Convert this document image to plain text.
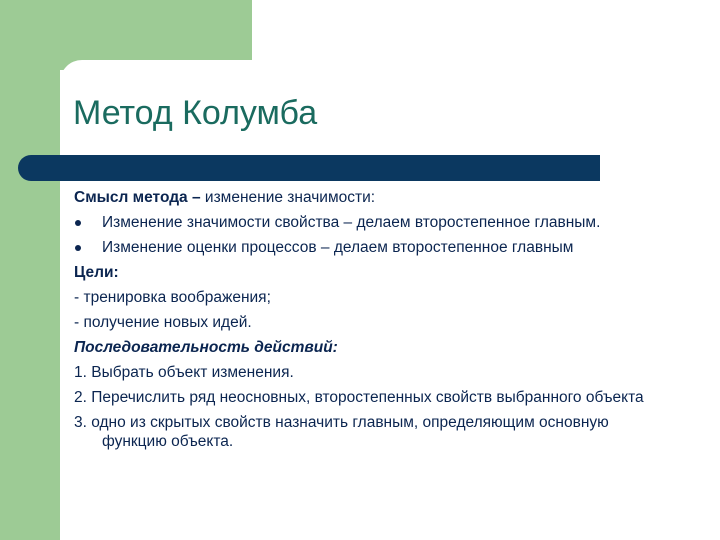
Метод Колумба

Смысл метода – изменение значимости:

Изменение значимости свойства – делаем второстепенное главным.
Изменение оценки процессов – делаем второстепенное главным

Цели:

- тренировка воображения;

- получение новых идей.

Последовательность действий:

1. Выбрать объект изменения.

2. Перечислить ряд неосновных, второстепенных свойств выбранного объекта

3. одно из скрытых свойств назначить главным, определяющим основную функцию объекта.
